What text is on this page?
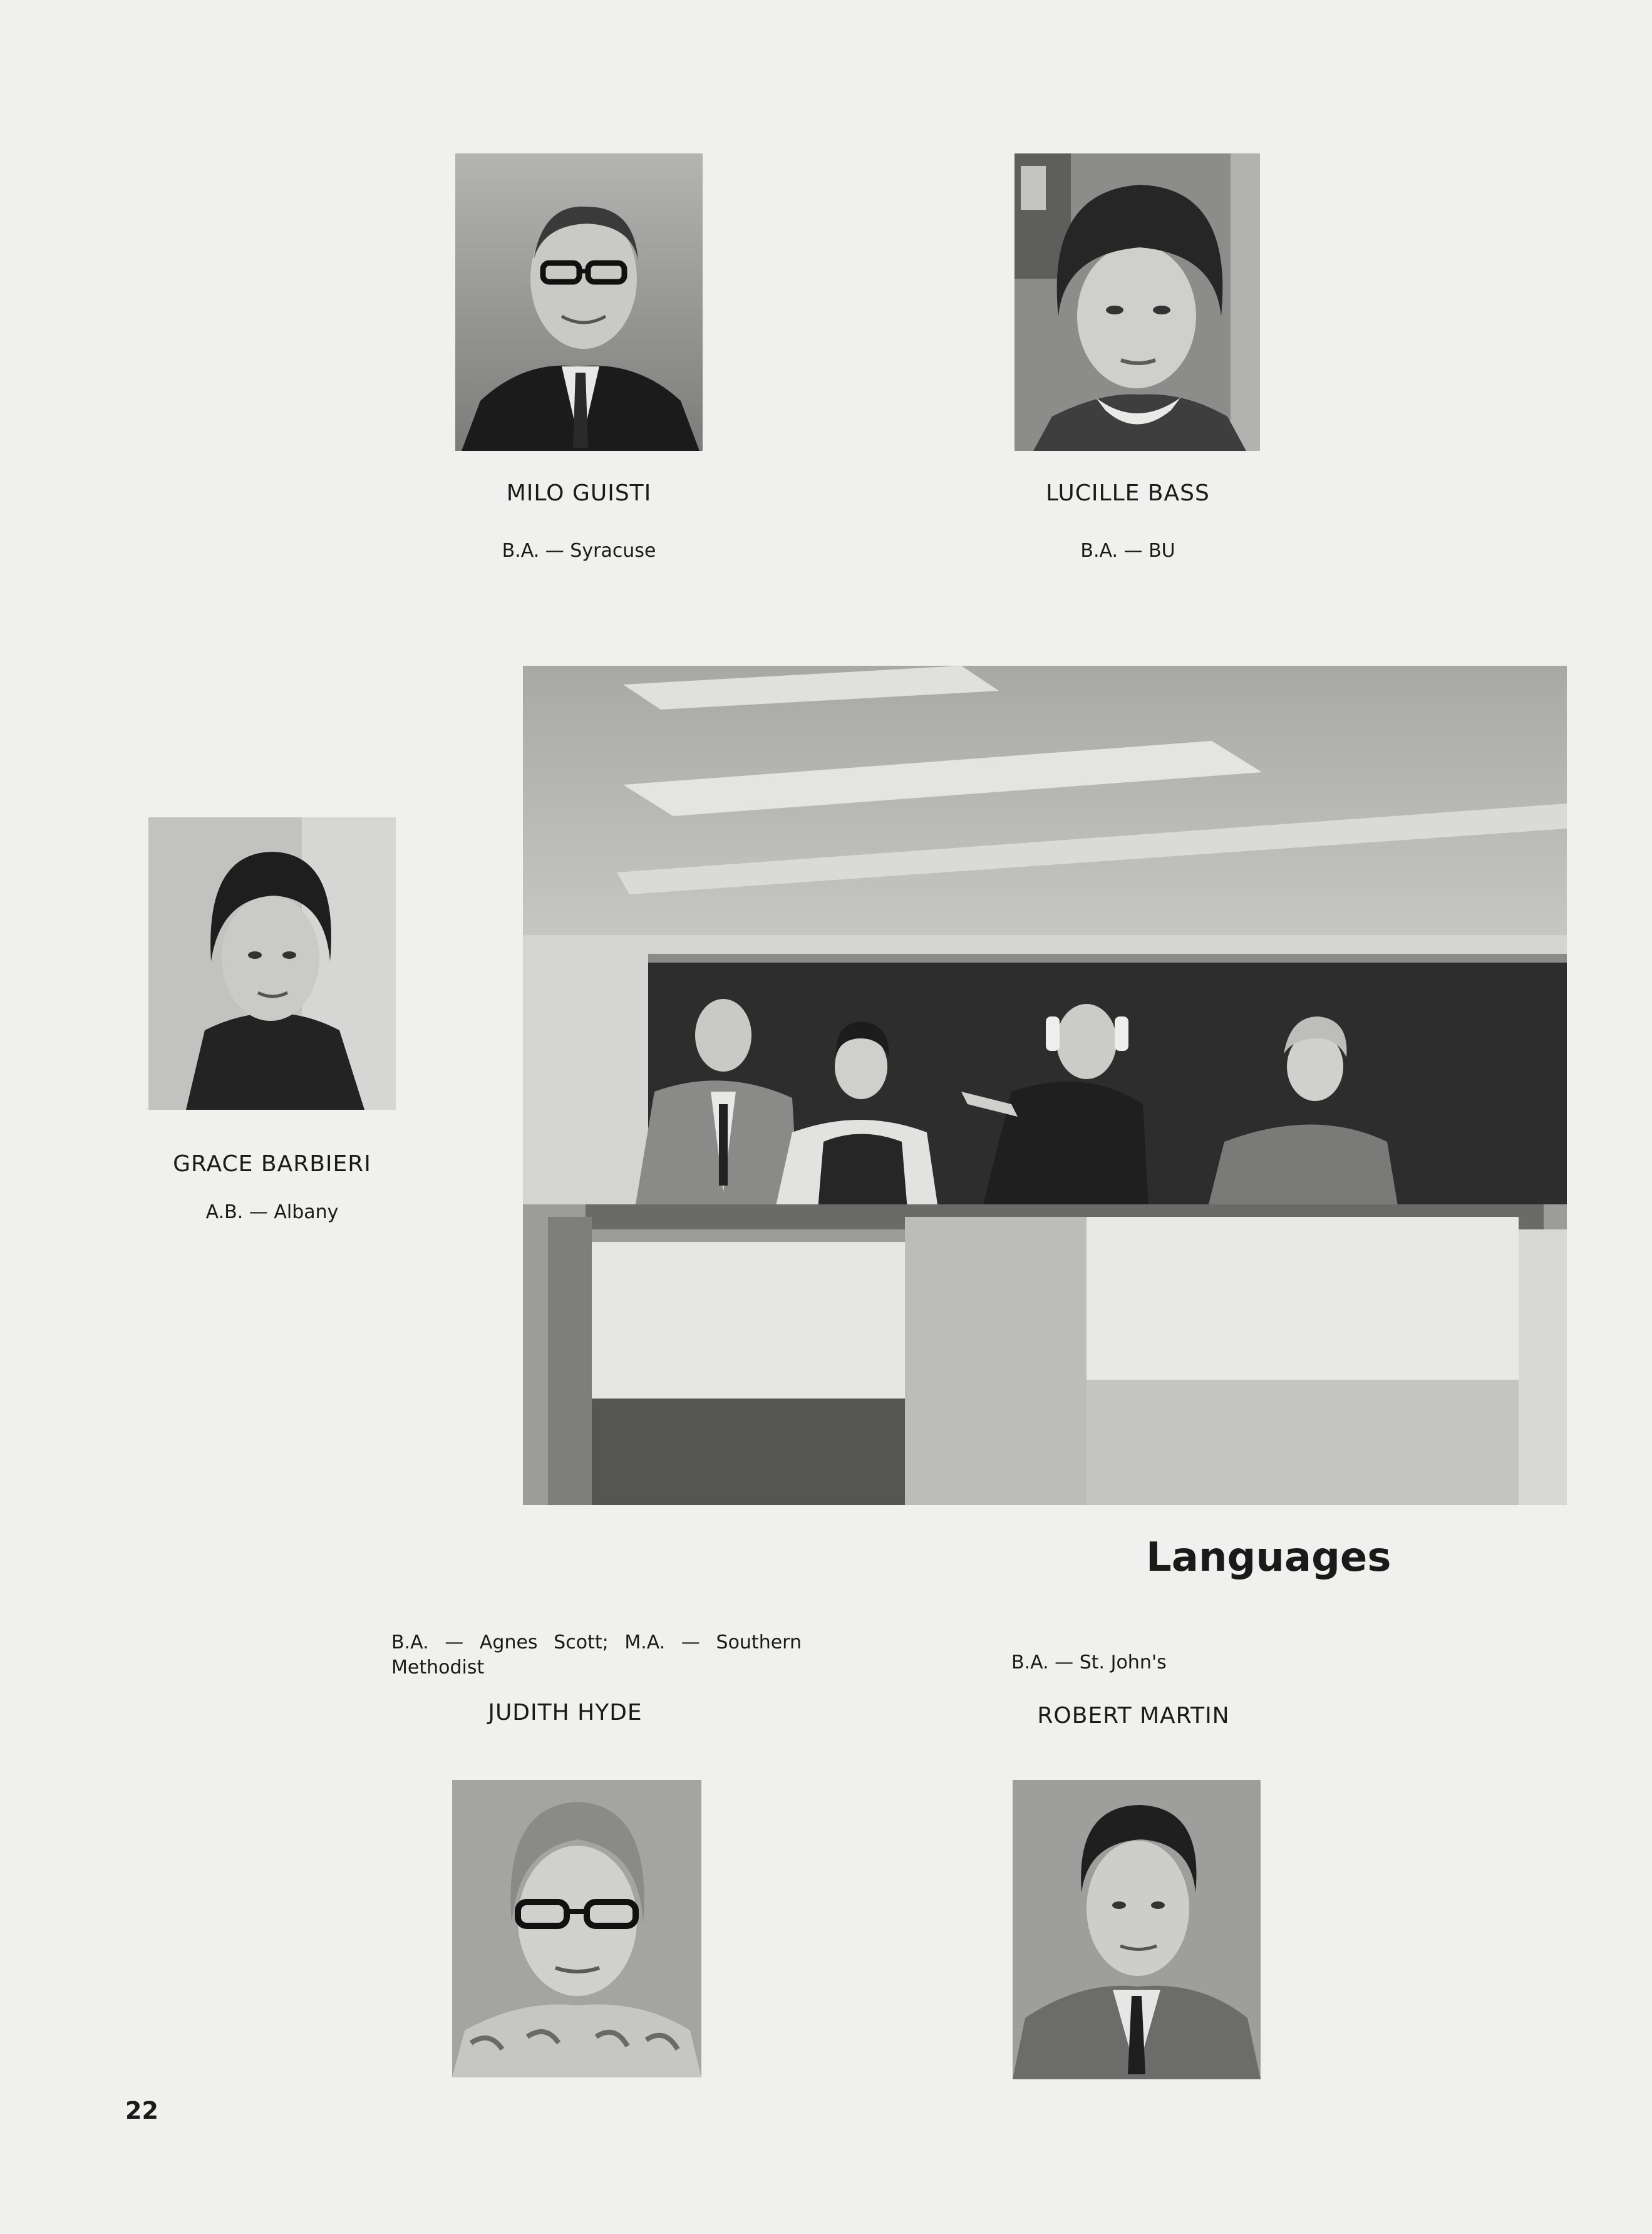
MILO GUISTI
B.A. — Syracuse
LUCILLE BASS
B.A. — BU
GRACE BARBIERI
A.B. — Albany
Languages
B.A. — Agnes Scott; M.A. — Southern Methodist
JUDITH HYDE
B.A. — St. John's
ROBERT MARTIN
22
